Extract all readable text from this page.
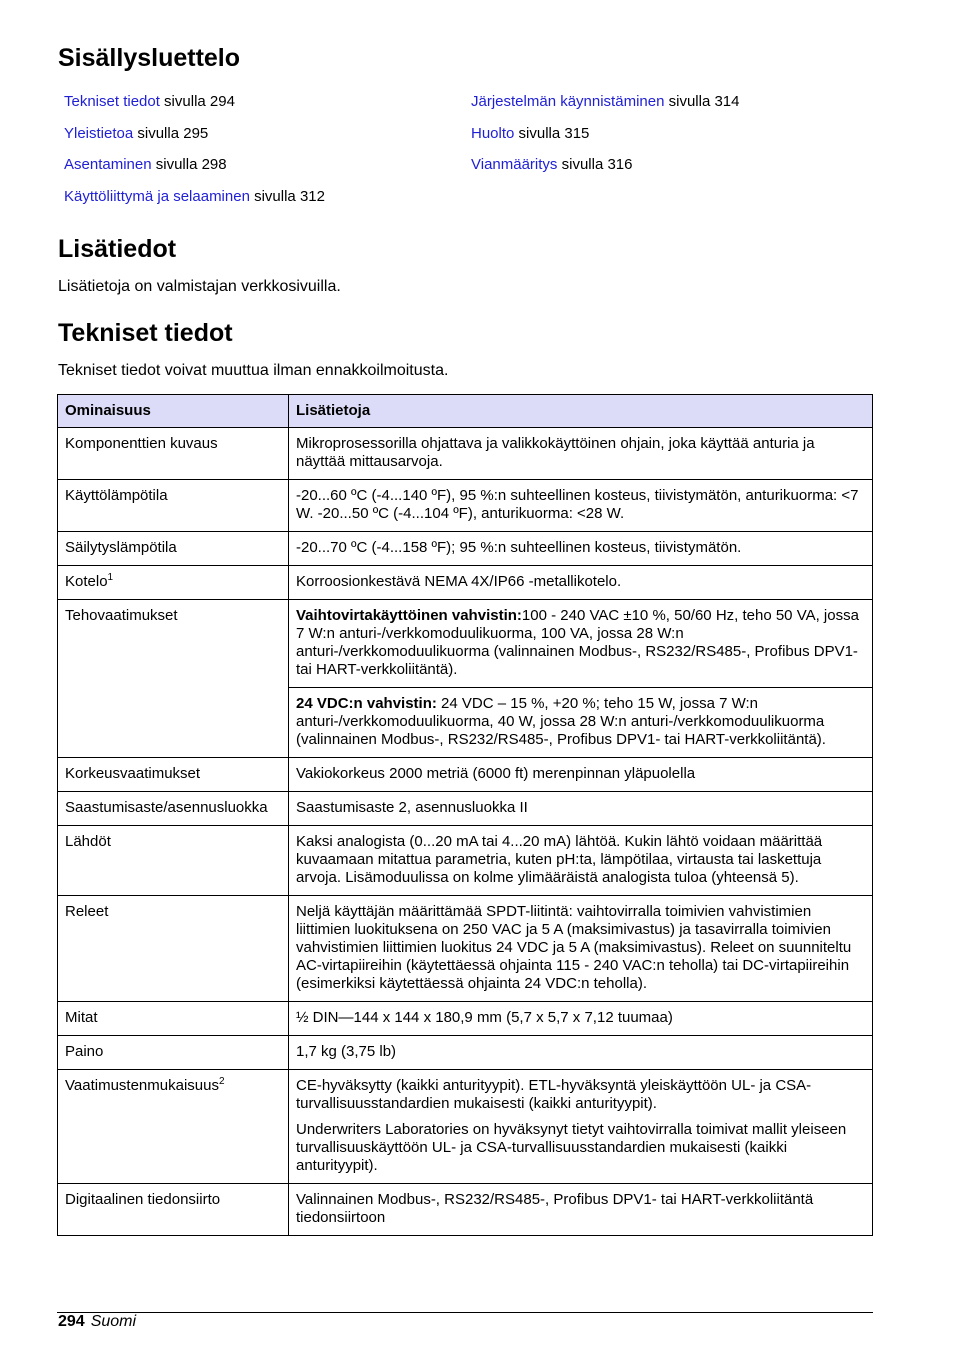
Sisällysluettelo
Tekniset tiedot sivulla 294
Yleistietoa sivulla 295
Asentaminen sivulla 298
Käyttöliittymä ja selaaminen sivulla 312
Järjestelmän käynnistäminen sivulla 314
Huolto sivulla 315
Vianmääritys sivulla 316
Lisätiedot
Lisätietoja on valmistajan verkkosivuilla.
Tekniset tiedot
Tekniset tiedot voivat muuttua ilman ennakkoilmoitusta.
Ominaisuus	Lisätietoja
Komponenttien kuvaus	Mikroprosessorilla ohjattava ja valikkokäyttöinen ohjain, joka käyttää anturia ja näyttää mittausarvoja.
Käyttölämpötila	-20...60 ºC (-4...140 ºF), 95 %:n suhteellinen kosteus, tiivistymätön, anturikuorma: <7 W. -20...50 ºC (-4...104 ºF), anturikuorma: <28 W.
Säilytyslämpötila	-20...70 ºC (-4...158 ºF); 95 %:n suhteellinen kosteus, tiivistymätön.
Kotelo$^1$	Korroosionkestävä NEMA 4X/IP66 -metallikotelo.
Tehovaatimukset	Vaihtovirtakäyttöinen vahvistin:100 - 240 VAC ±10 %, 50/60 Hz, teho 50 VA, jossa 7 W:n anturi-/verkkomoduulikuorma, 100 VA, jossa 28 W:n anturi-/verkkomoduulikuorma (valinnainen Modbus-, RS232/RS485-, Profibus DPV1- tai HART-verkkoliitäntä).
	24 VDC:n vahvistin: 24 VDC – 15 %, +20 %; teho 15 W, jossa 7 W:n anturi-/verkkomoduulikuorma, 40 W, jossa 28 W:n anturi-/verkkomoduulikuorma (valinnainen Modbus-, RS232/RS485-, Profibus DPV1- tai HART-verkkoliitäntä).
Korkeusvaatimukset	Vakiokorkeus 2000 metriä (6000 ft) merenpinnan yläpuolella
Saastumisaste/asennusluokka	Saastumisaste 2, asennusluokka II
Lähdöt	Kaksi analogista (0...20 mA tai 4...20 mA) lähtöä. Kukin lähtö voidaan määrittää kuvaamaan mitattua parametria, kuten pH:ta, lämpötilaa, virtausta tai laskettuja arvoja. Lisämoduulissa on kolme ylimääräistä analogista tuloa (yhteensä 5).
Releet	Neljä käyttäjän määrittämää SPDT-liitintä: vaihtovirralla toimivien vahvistimien liittimien luokituksena on 250 VAC ja 5 A (maksimivastus) ja tasavirralla toimivien vahvistimien liittimien luokitus 24 VDC ja 5 A (maksimivastus). Releet on suunniteltu AC-virtapiireihin (käytettäessä ohjainta 115 - 240 VAC:n teholla) tai DC-virtapiireihin (esimerkiksi käytettäessä ohjainta 24 VDC:n teholla).
Mitat	½ DIN—144 x 144 x 180,9 mm (5,7 x 5,7 x 7,12 tuumaa)
Paino	1,7 kg (3,75 lb)
Vaatimustenmukaisuus$^2$	CE-hyväksytty (kaikki anturityypit). ETL-hyväksyntä yleiskäyttöön UL- ja CSA-turvallisuusstandardien mukaisesti (kaikki anturityypit).
Underwriters Laboratories on hyväksynyt tietyt vaihtovirralla toimivat mallit yleiseen turvallisuuskäyttöön UL- ja CSA-turvallisuusstandardien mukaisesti (kaikki anturityypit).

Digitaalinen tiedonsiirto	Valinnainen Modbus-, RS232/RS485-, Profibus DPV1- tai HART-verkkoliitäntä tiedonsiirtoon
294 Suomi
